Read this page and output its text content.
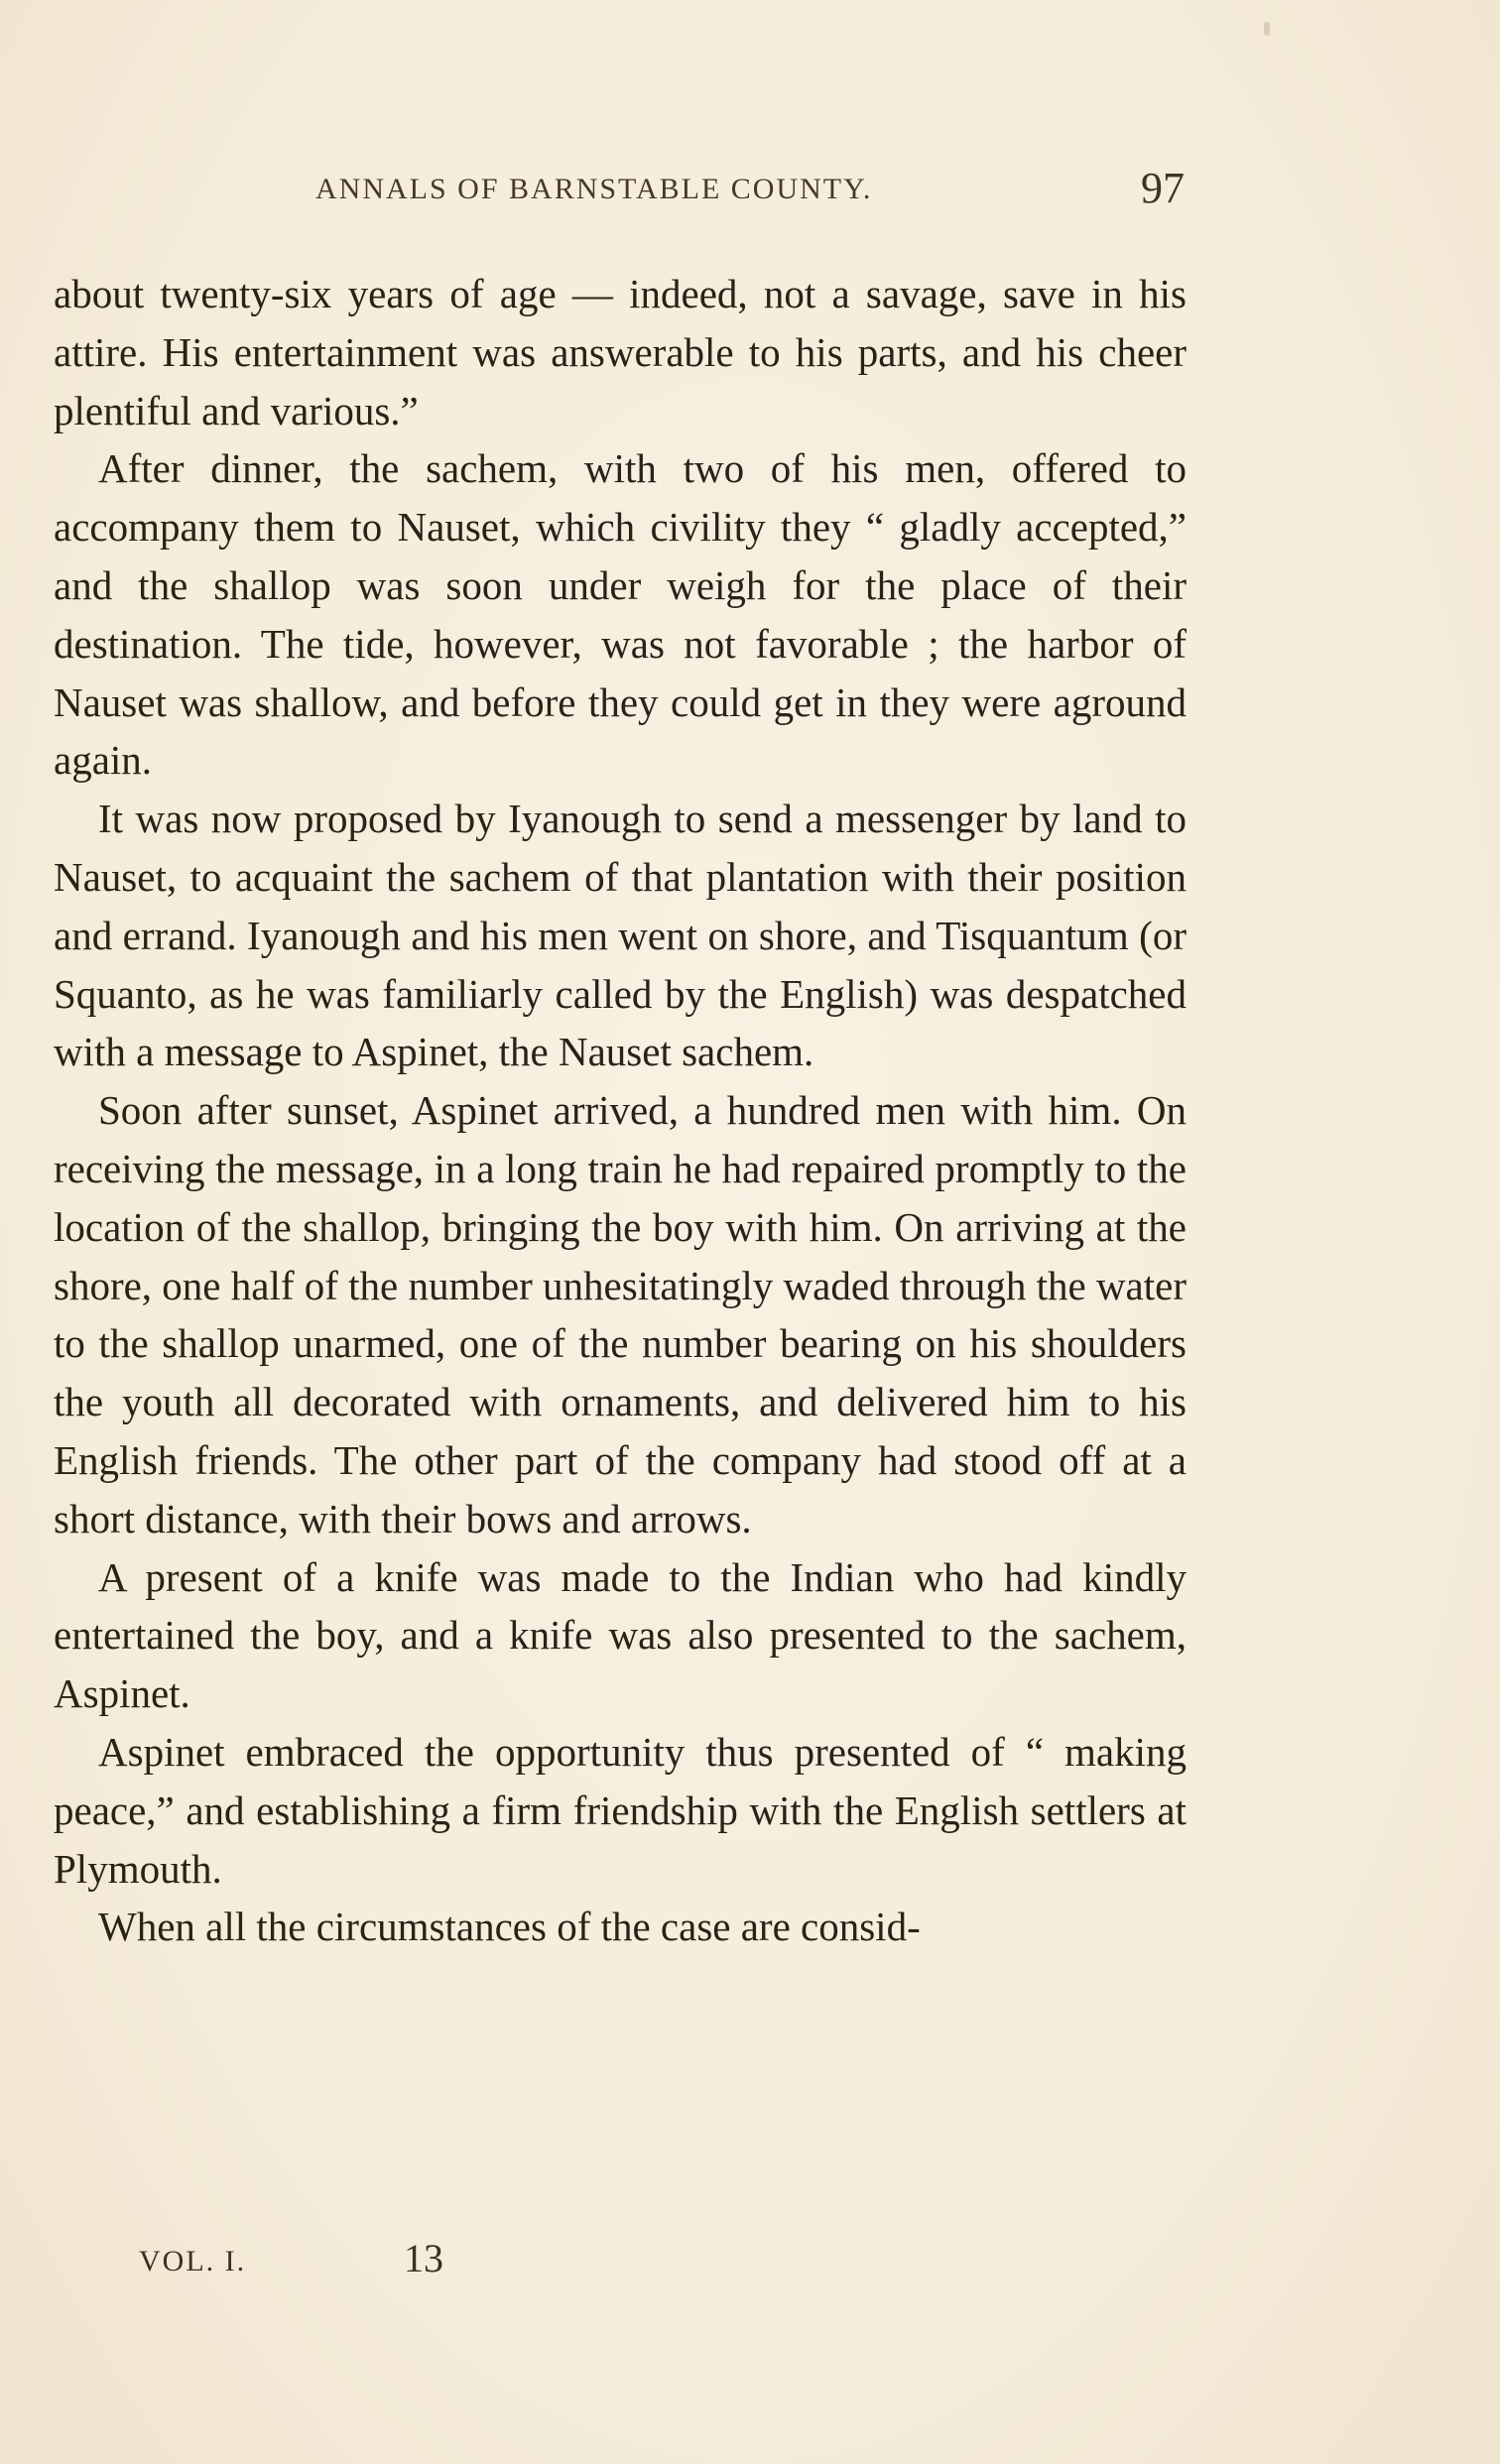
ANNALS OF BARNSTABLE COUNTY.	97

about twenty-six years of age — indeed, not a savage, save in his attire. His entertainment was answerable to his parts, and his cheer plentiful and various.”

After dinner, the sachem, with two of his men, offered to accompany them to Nauset, which civility they “ gladly accepted,” and the shallop was soon under weigh for the place of their destination. The tide, however, was not favorable ; the harbor of Nauset was shallow, and before they could get in they were aground again.

It was now proposed by Iyanough to send a messenger by land to Nauset, to acquaint the sachem of that plantation with their position and errand. Iyanough and his men went on shore, and Tisquantum (or Squanto, as he was familiarly called by the English) was despatched with a message to Aspinet, the Nauset sachem.

Soon after sunset, Aspinet arrived, a hundred men with him. On receiving the message, in a long train he had repaired promptly to the location of the shallop, bringing the boy with him. On arriving at the shore, one half of the number unhesitatingly waded through the water to the shallop unarmed, one of the number bearing on his shoulders the youth all decorated with ornaments, and delivered him to his English friends. The other part of the company had stood off at a short distance, with their bows and arrows.

A present of a knife was made to the Indian who had kindly entertained the boy, and a knife was also presented to the sachem, Aspinet.

Aspinet embraced the opportunity thus presented of “ making peace,” and establishing a firm friendship with the English settlers at Plymouth.

When all the circumstances of the case are consid-

VOL. I.	13
